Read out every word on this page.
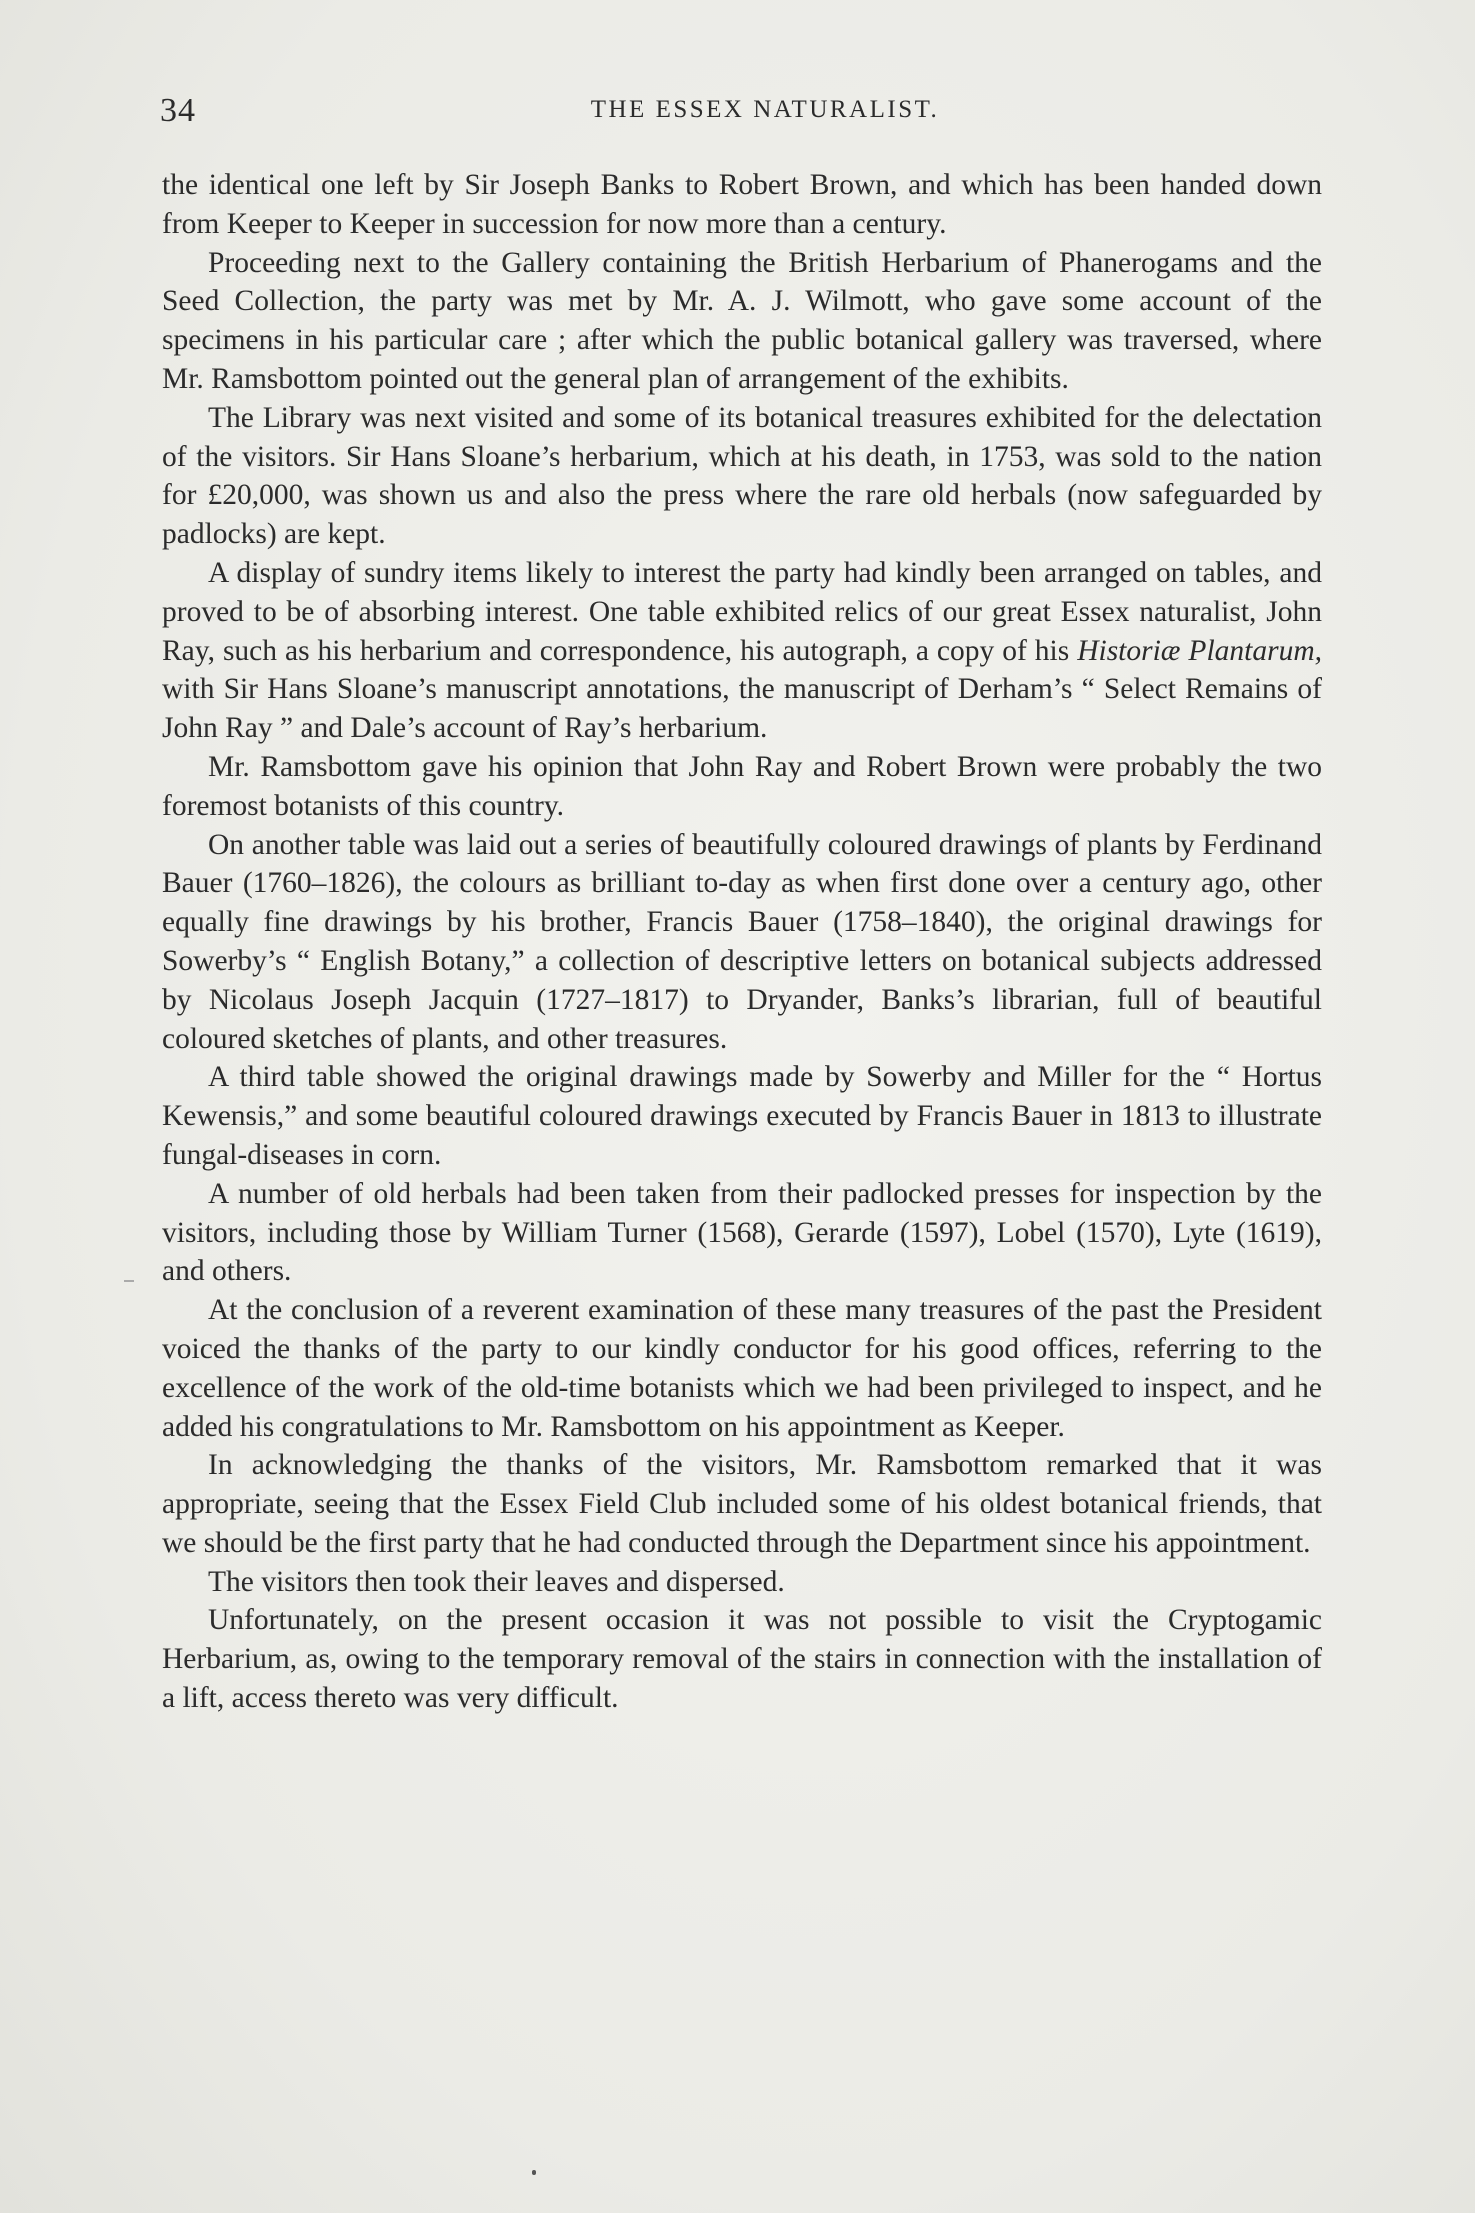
34	THE ESSEX NATURALIST.

the identical one left by Sir Joseph Banks to Robert Brown, and which has been handed down from Keeper to Keeper in succession for now more than a century.

Proceeding next to the Gallery containing the British Herbarium of Phanerogams and the Seed Collection, the party was met by Mr. A. J. Wilmott, who gave some account of the specimens in his particular care ; after which the public botanical gallery was traversed, where Mr. Ramsbottom pointed out the general plan of arrangement of the exhibits.

The Library was next visited and some of its botanical treasures exhibited for the delectation of the visitors. Sir Hans Sloane’s herbarium, which at his death, in 1753, was sold to the nation for £20,000, was shown us and also the press where the rare old herbals (now safeguarded by padlocks) are kept.

A display of sundry items likely to interest the party had kindly been arranged on tables, and proved to be of absorbing interest. One table exhibited relics of our great Essex naturalist, John Ray, such as his herbarium and correspondence, his autograph, a copy of his Historiæ Plantarum, with Sir Hans Sloane’s manuscript annotations, the manuscript of Derham’s “ Select Remains of John Ray ” and Dale’s account of Ray’s herbarium.

Mr. Ramsbottom gave his opinion that John Ray and Robert Brown were probably the two foremost botanists of this country.

On another table was laid out a series of beautifully coloured drawings of plants by Ferdinand Bauer (1760–1826), the colours as brilliant to-day as when first done over a century ago, other equally fine drawings by his brother, Francis Bauer (1758–1840), the original drawings for Sowerby’s “ English Botany,” a collection of descriptive letters on botanical subjects addressed by Nicolaus Joseph Jacquin (1727–1817) to Dryander, Banks’s librarian, full of beautiful coloured sketches of plants, and other treasures.

A third table showed the original drawings made by Sowerby and Miller for the “ Hortus Kewensis,” and some beautiful coloured drawings executed by Francis Bauer in 1813 to illustrate fungal-diseases in corn.

A number of old herbals had been taken from their padlocked presses for inspection by the visitors, including those by William Turner (1568), Gerarde (1597), Lobel (1570), Lyte (1619), and others.

At the conclusion of a reverent examination of these many treasures of the past the President voiced the thanks of the party to our kindly conductor for his good offices, referring to the excellence of the work of the old-time botanists which we had been privileged to inspect, and he added his congratulations to Mr. Ramsbottom on his appointment as Keeper.

In acknowledging the thanks of the visitors, Mr. Ramsbottom remarked that it was appropriate, seeing that the Essex Field Club included some of his oldest botanical friends, that we should be the first party that he had conducted through the Department since his appointment.

The visitors then took their leaves and dispersed.

Unfortunately, on the present occasion it was not possible to visit the Cryptogamic Herbarium, as, owing to the temporary removal of the stairs in connection with the installation of a lift, access thereto was very difficult.
